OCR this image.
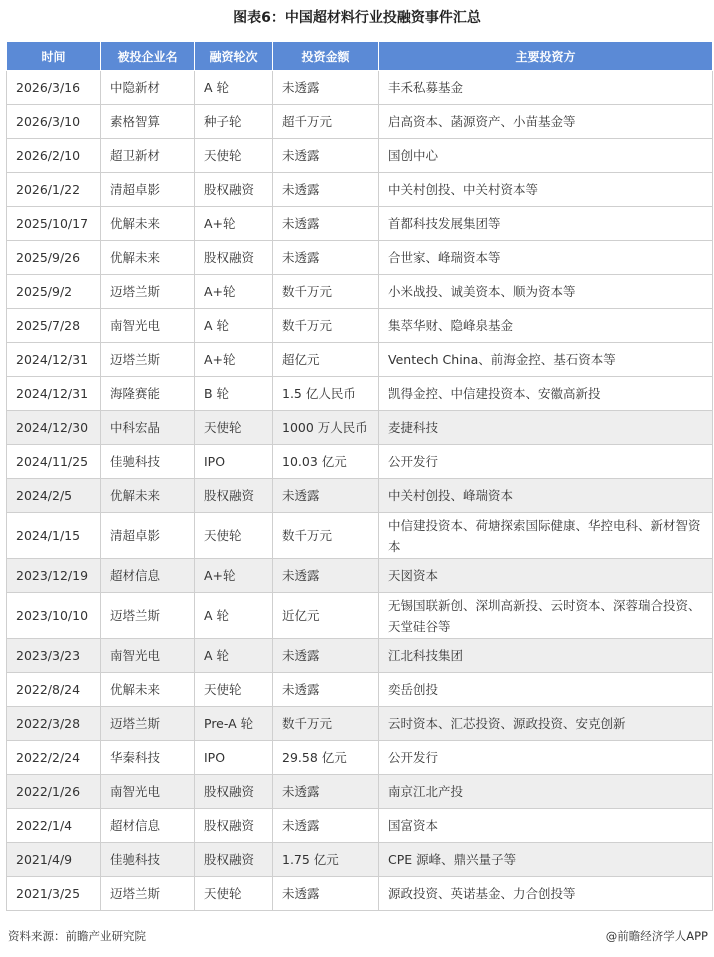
图表6：中国超材料行业投融资事件汇总
时间	被投企业名	融资轮次	投资金额	主要投资方
2026/3/16	中隐新材	A 轮	未透露	丰禾私募基金
2026/3/10	素格智算	种子轮	超千万元	启高资本、菡源资产、小苗基金等
2026/2/10	超卫新材	天使轮	未透露	国创中心
2026/1/22	清超卓影	股权融资	未透露	中关村创投、中关村资本等
2025/10/17	优解未来	A+轮	未透露	首都科技发展集团等
2025/9/26	优解未来	股权融资	未透露	合世家、峰瑞资本等
2025/9/2	迈塔兰斯	A+轮	数千万元	小米战投、诚美资本、顺为资本等
2025/7/28	南智光电	A 轮	数千万元	集萃华财、隐峰泉基金
2024/12/31	迈塔兰斯	A+轮	超亿元	Ventech China、前海金控、基石资本等
2024/12/31	海隆赛能	B 轮	1.5 亿人民币	凯得金控、中信建投资本、安徽高新投
2024/12/30	中科宏晶	天使轮	1000 万人民币	麦捷科技
2024/11/25	佳驰科技	IPO	10.03 亿元	公开发行
2024/2/5	优解未来	股权融资	未透露	中关村创投、峰瑞资本
2024/1/15	清超卓影	天使轮	数千万元	中信建投资本、荷塘探索国际健康、华控电科、新材智资本
2023/12/19	超材信息	A+轮	未透露	天図资本
2023/10/10	迈塔兰斯	A 轮	近亿元	无锡国联新创、深圳高新投、云时资本、深蓉瑞合投资、天堂硅谷等
2023/3/23	南智光电	A 轮	未透露	江北科技集团
2022/8/24	优解未来	天使轮	未透露	奕岳创投
2022/3/28	迈塔兰斯	Pre-A 轮	数千万元	云时资本、汇芯投资、源政投资、安克创新
2022/2/24	华秦科技	IPO	29.58 亿元	公开发行
2022/1/26	南智光电	股权融资	未透露	南京江北产投
2022/1/4	超材信息	股权融资	未透露	国富资本
2021/4/9	佳驰科技	股权融资	1.75 亿元	CPE 源峰、鼎兴量子等
2021/3/25	迈塔兰斯	天使轮	未透露	源政投资、英诺基金、力合创投等
资料来源：前瞻产业研究院	@前瞻经济学人APP
